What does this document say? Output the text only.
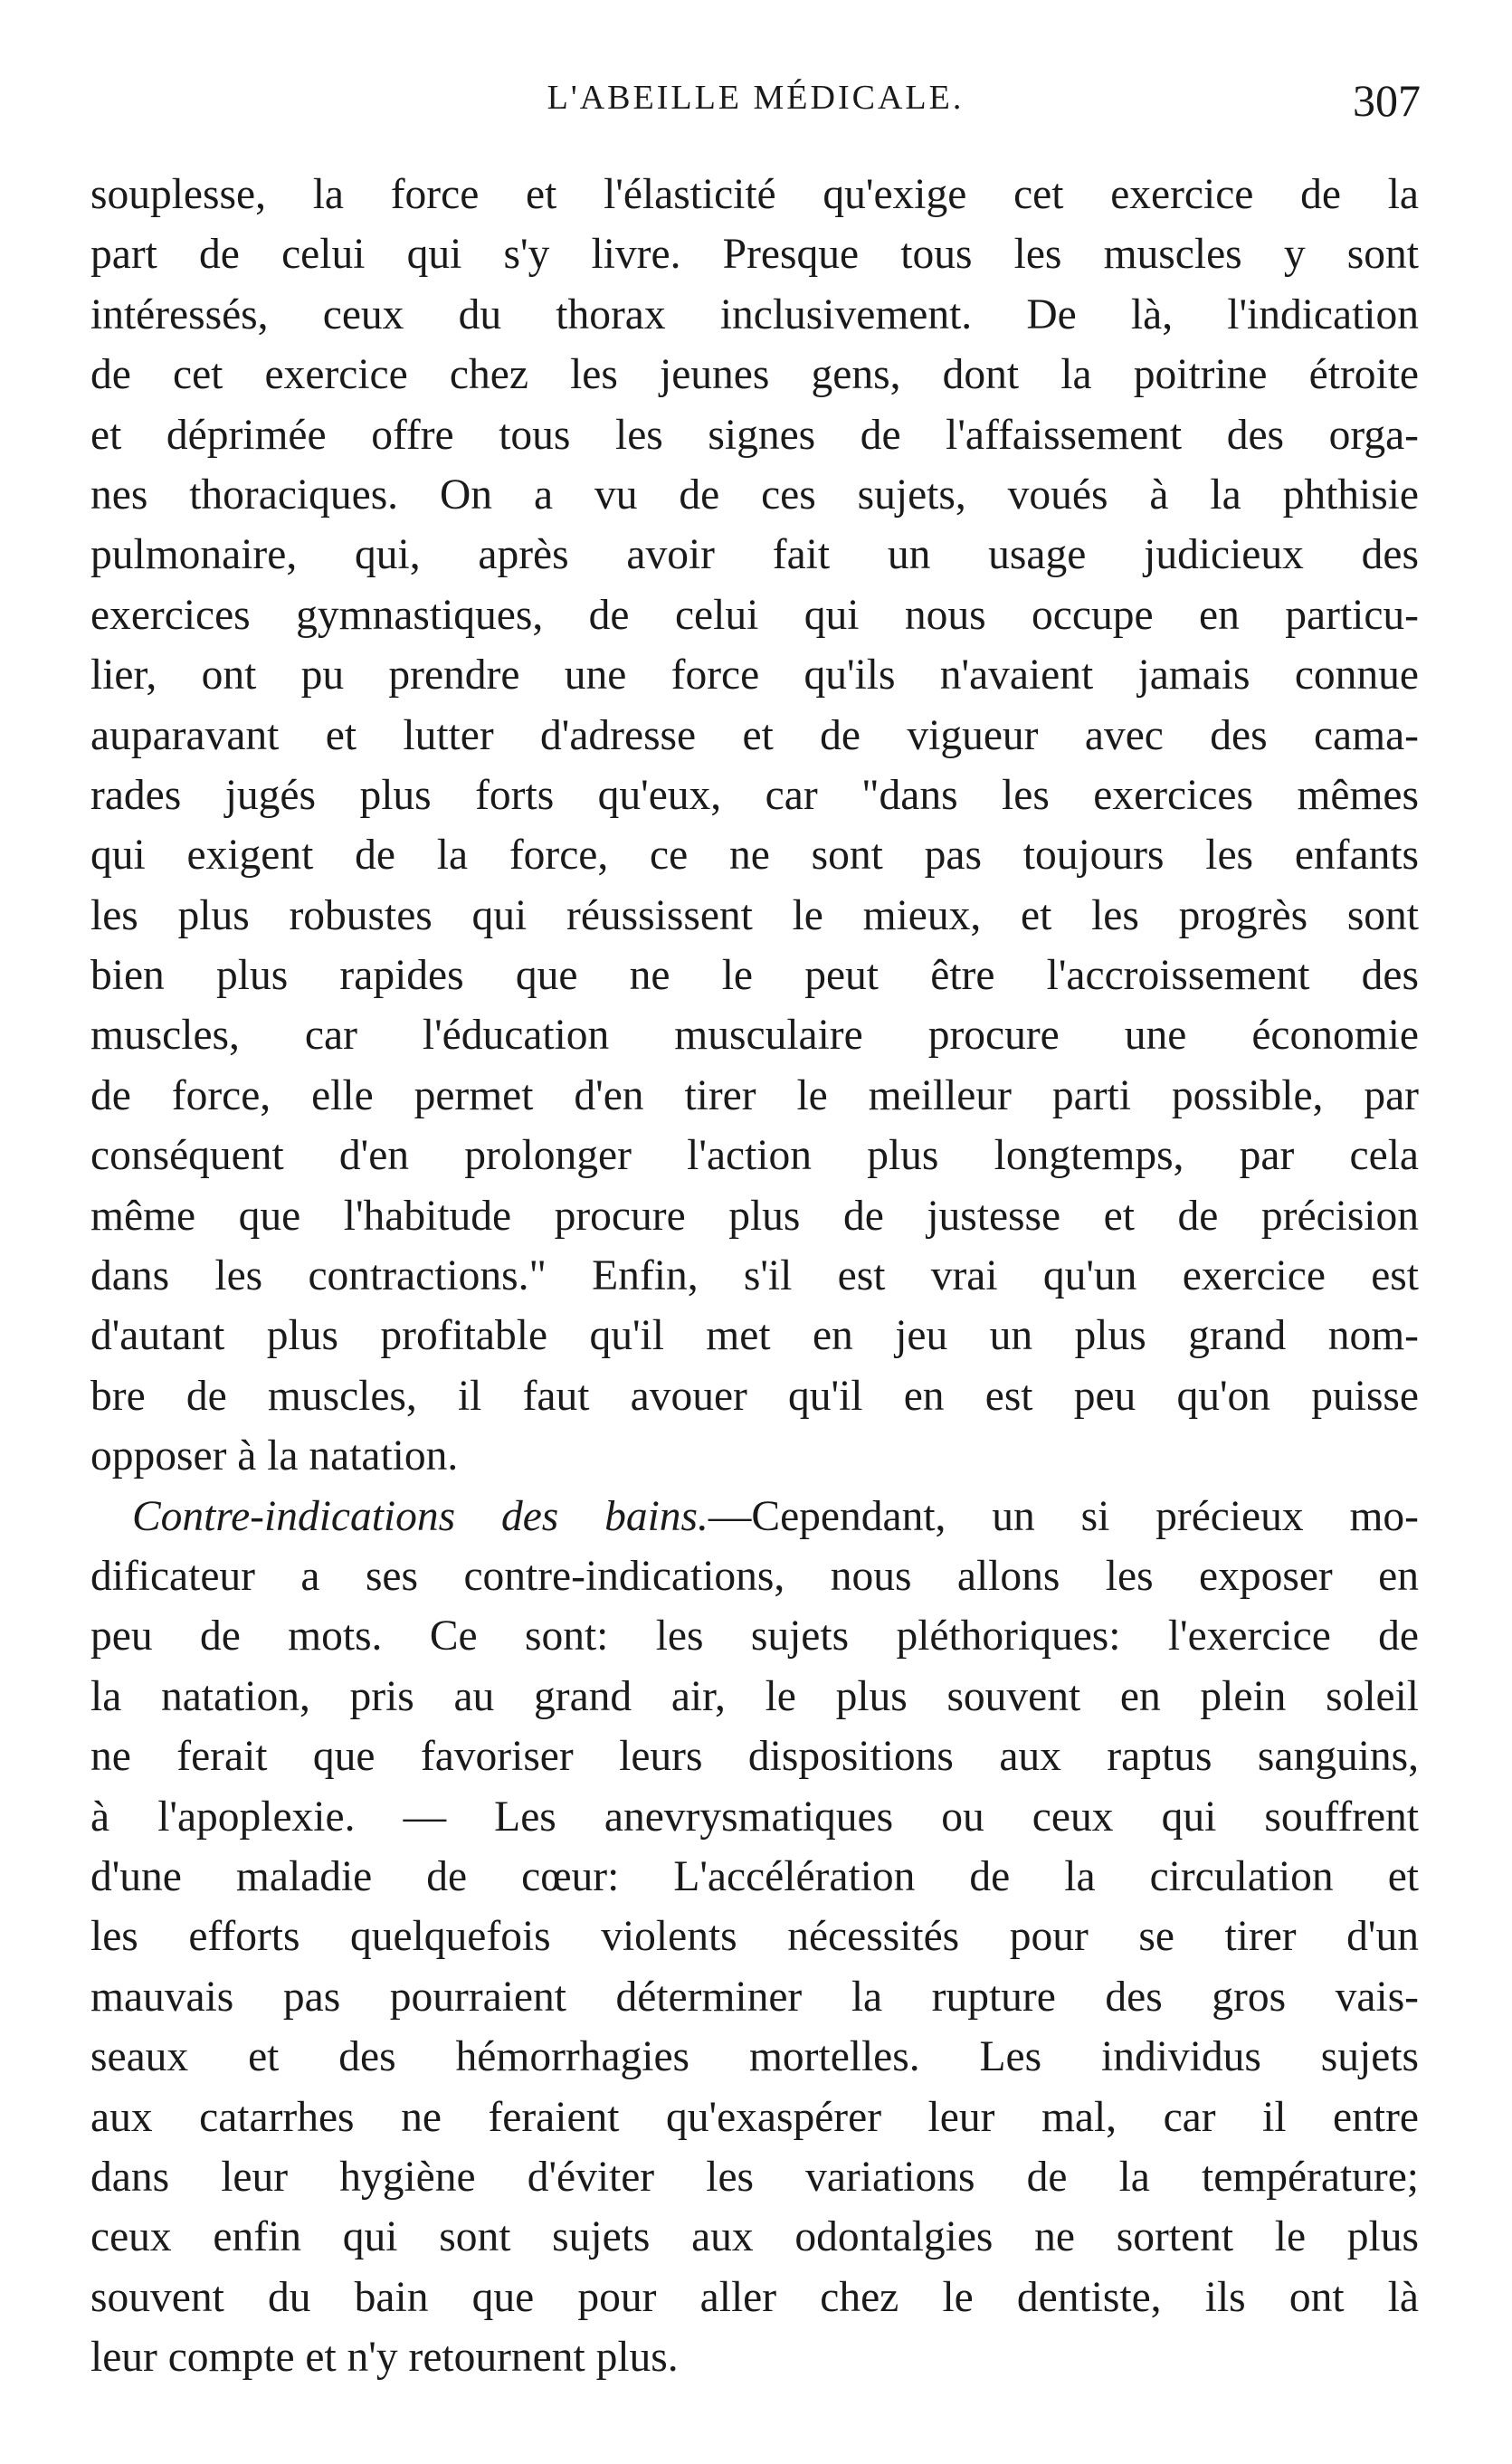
L'ABEILLE MÉDICALE.	307
souplesse, la force et l'élasticité qu'exige cet exercice de la
part de celui qui s'y livre. Presque tous les muscles y sont
intéressés, ceux du thorax inclusivement. De là, l'indication
de cet exercice chez les jeunes gens, dont la poitrine étroite
et déprimée offre tous les signes de l'affaissement des orga-
nes thoraciques. On a vu de ces sujets, voués à la phthisie
pulmonaire, qui, après avoir fait un usage judicieux des
exercices gymnastiques, de celui qui nous occupe en particu-
lier, ont pu prendre une force qu'ils n'avaient jamais connue
auparavant et lutter d'adresse et de vigueur avec des cama-
rades jugés plus forts qu'eux, car "dans les exercices mêmes
qui exigent de la force, ce ne sont pas toujours les enfants
les plus robustes qui réussissent le mieux, et les progrès sont
bien plus rapides que ne le peut être l'accroissement des
muscles, car l'éducation musculaire procure une économie
de force, elle permet d'en tirer le meilleur parti possible, par
conséquent d'en prolonger l'action plus longtemps, par cela
même que l'habitude procure plus de justesse et de précision
dans les contractions." Enfin, s'il est vrai qu'un exercice est
d'autant plus profitable qu'il met en jeu un plus grand nom-
bre de muscles, il faut avouer qu'il en est peu qu'on puisse
opposer à la natation.
Contre-indications des bains.—Cependant, un si précieux mo-
dificateur a ses contre-indications, nous allons les exposer en
peu de mots. Ce sont: les sujets pléthoriques: l'exercice de
la natation, pris au grand air, le plus souvent en plein soleil
ne ferait que favoriser leurs dispositions aux raptus sanguins,
à l'apoplexie. — Les anevrysmatiques ou ceux qui souffrent
d'une maladie de cœur: L'accélération de la circulation et
les efforts quelquefois violents nécessités pour se tirer d'un
mauvais pas pourraient déterminer la rupture des gros vais-
seaux et des hémorrhagies mortelles. Les individus sujets
aux catarrhes ne feraient qu'exaspérer leur mal, car il entre
dans leur hygiène d'éviter les variations de la température;
ceux enfin qui sont sujets aux odontalgies ne sortent le plus
souvent du bain que pour aller chez le dentiste, ils ont là
leur compte et n'y retournent plus.
